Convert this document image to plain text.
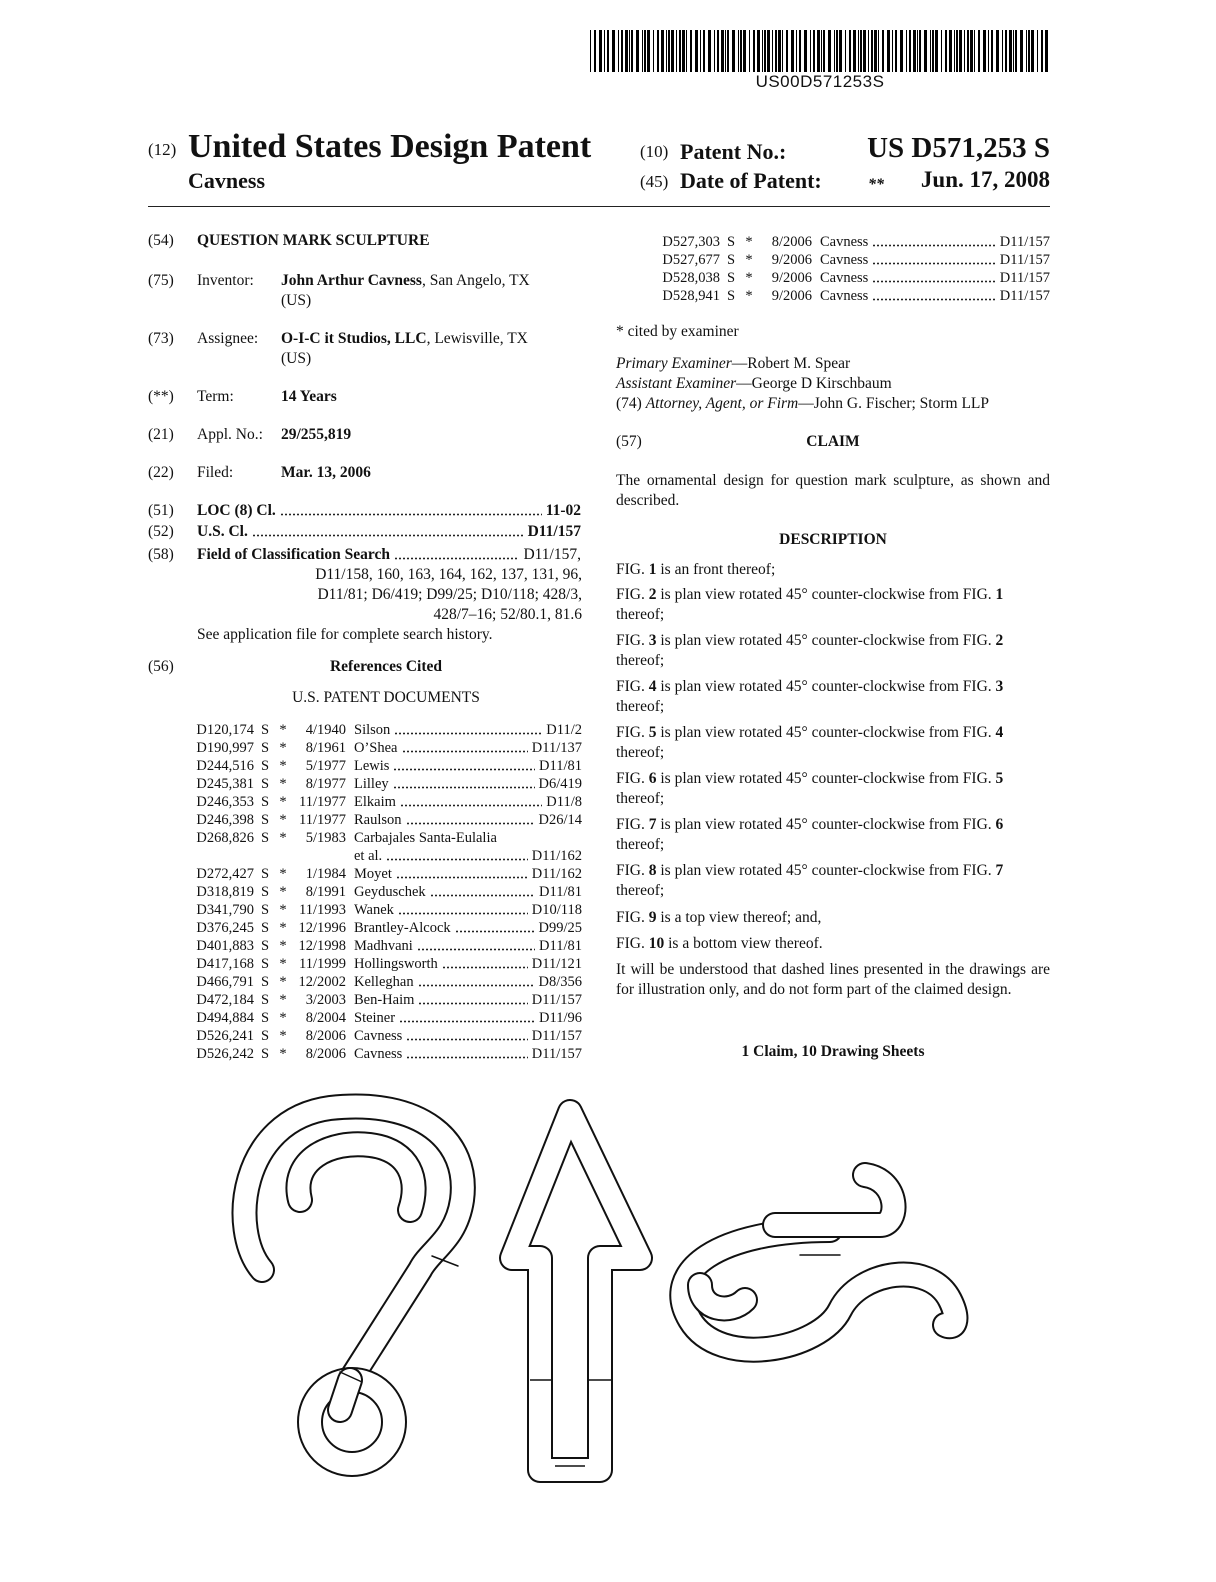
US00D571253S
(12) United States Design Patent
Cavness
(10) Patent No.:	US D571,253 S
(45) Date of Patent:	** Jun. 17, 2008
(54) QUESTION MARK SCULPTURE
(75) Inventor: John Arthur Cavness, San Angelo, TX
(US)
(73) Assignee: O-I-C it Studios, LLC, Lewisville, TX
(US)
(**) Term:	14 Years
(21) Appl. No.: 29/255,819
(22) Filed:	Mar. 13, 2006
(51) LOC (8) Cl.	11-02
(52) U.S. Cl.	D11/157
(58) Field of Classification Search	D11/157,
D11/158, 160, 163, 164, 162, 137, 131, 96,
D11/81; D6/419; D99/25; D10/118; 428/3,
428/7–16; 52/80.1, 81.6
See application file for complete search history.
(56)	References Cited
U.S. PATENT DOCUMENTS
D120,174 S *	4/1940 Silson	D11/2
D190,997 S *	8/1961 O’Shea	D11/137
D244,516 S *	5/1977 Lewis	D11/81
D245,381 S *	8/1977 Lilley	D6/419
D246,353 S * 11/1977 Elkaim	D11/8
D246,398 S * 11/1977 Raulson	D26/14
D268,826 S *	5/1983 Carbajales Santa-Eulalia
et al.	D11/162
D272,427 S *	1/1984 Moyet	D11/162
D318,819 S *	8/1991 Geyduschek	D11/81
D341,790 S * 11/1993 Wanek	D10/118
D376,245 S * 12/1996 Brantley-Alcock	D99/25
D401,883 S * 12/1998 Madhvani	D11/81
D417,168 S * 11/1999 Hollingsworth	D11/121
D466,791 S * 12/2002 Kelleghan	D8/356
D472,184 S *	3/2003 Ben-Haim	D11/157
D494,884 S *	8/2004 Steiner	D11/96
D526,241 S *	8/2006 Cavness	D11/157
D526,242 S *	8/2006 Cavness	D11/157
D527,303 S *	8/2006 Cavness	D11/157
D527,677 S *	9/2006 Cavness	D11/157
D528,038 S *	9/2006 Cavness	D11/157
D528,941 S *	9/2006 Cavness	D11/157
* cited by examiner
Primary Examiner—Robert M. Spear
Assistant Examiner—George D Kirschbaum
(74) Attorney, Agent, or Firm—John G. Fischer; Storm LLP
(57)	CLAIM
The ornamental design for question mark sculpture, as shown and described.
DESCRIPTION
FIG. 1 is an front thereof;
FIG. 2 is plan view rotated 45° counter-clockwise from FIG. 1 thereof;
FIG. 3 is plan view rotated 45° counter-clockwise from FIG. 2 thereof;
FIG. 4 is plan view rotated 45° counter-clockwise from FIG. 3 thereof;
FIG. 5 is plan view rotated 45° counter-clockwise from FIG. 4 thereof;
FIG. 6 is plan view rotated 45° counter-clockwise from FIG. 5 thereof;
FIG. 7 is plan view rotated 45° counter-clockwise from FIG. 6 thereof;
FIG. 8 is plan view rotated 45° counter-clockwise from FIG. 7 thereof;
FIG. 9 is a top view thereof; and,
FIG. 10 is a bottom view thereof.
It will be understood that dashed lines presented in the drawings are for illustration only, and do not form part of the claimed design.
1 Claim, 10 Drawing Sheets
